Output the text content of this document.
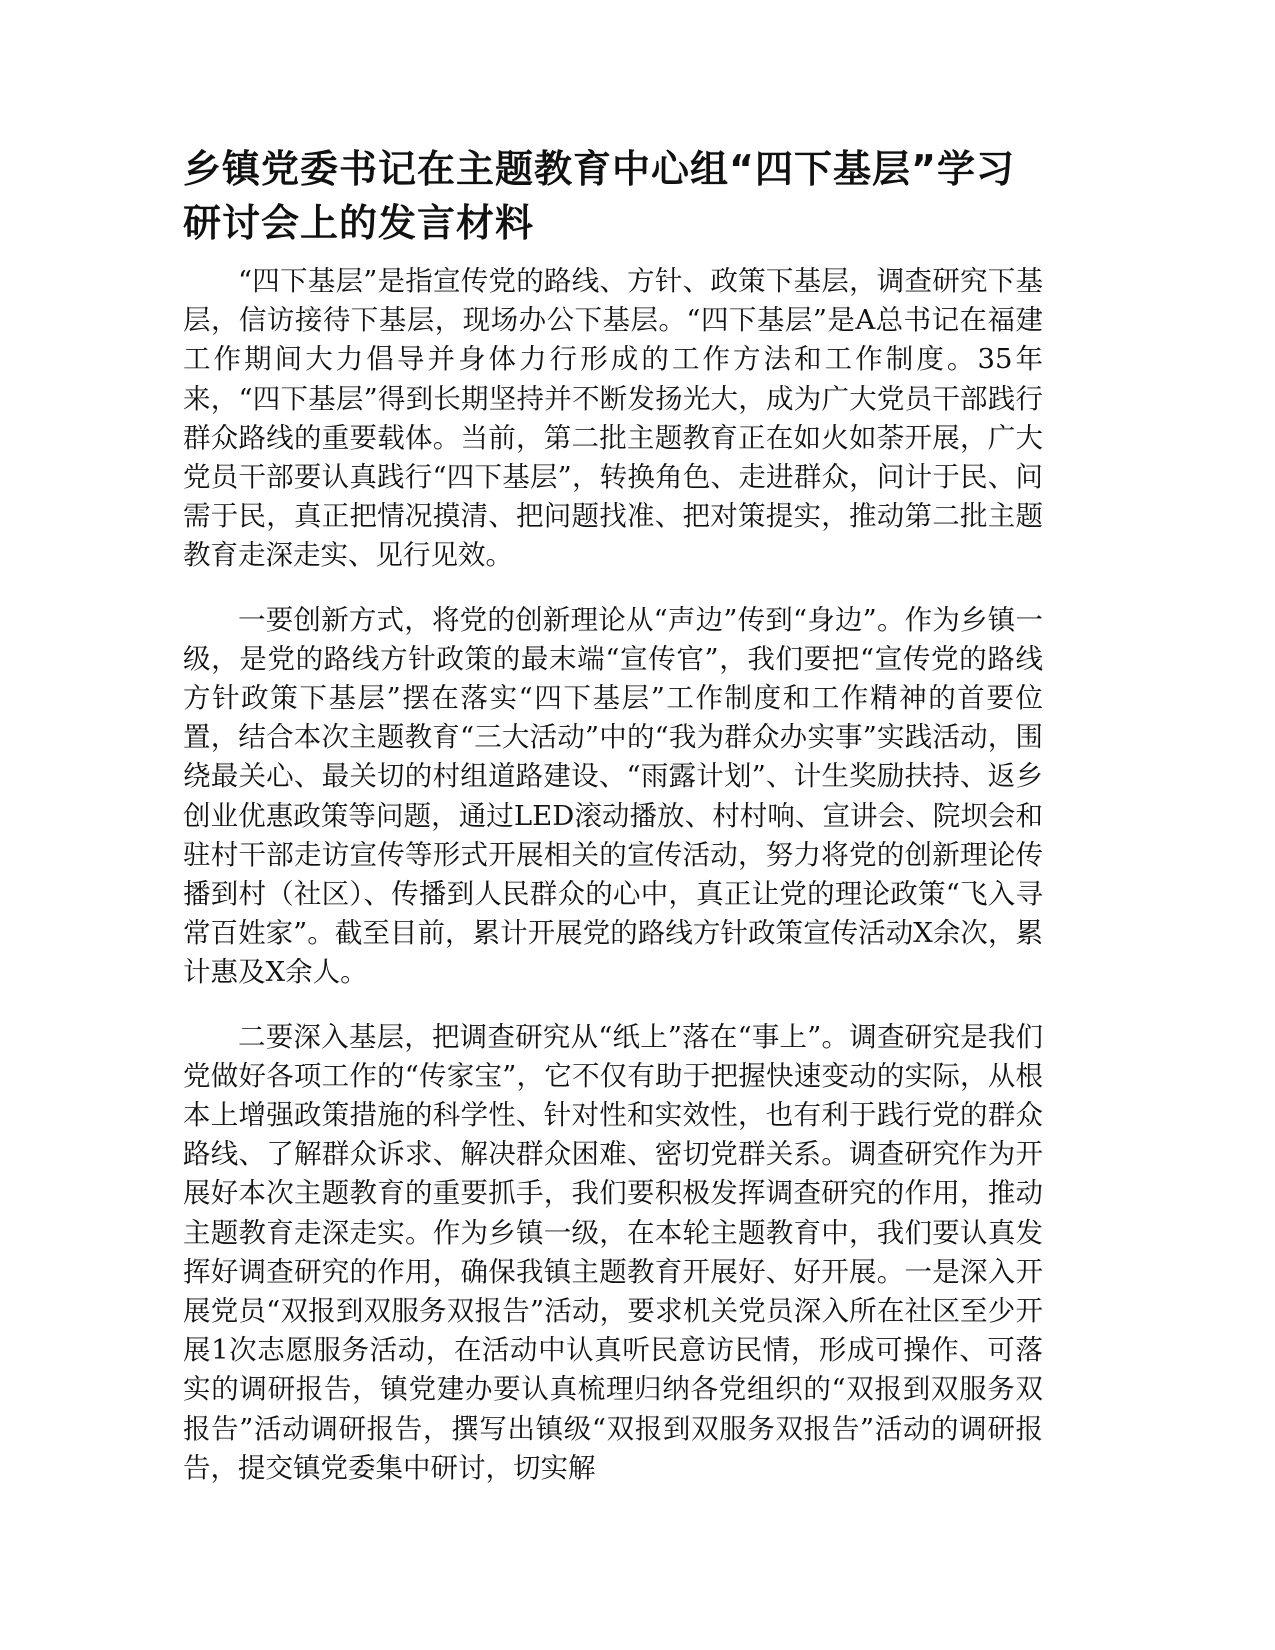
乡镇党委书记在主题教育中心组“四下基层”学习研讨会上的发言材料

“四下基层”是指宣传党的路线、方针、政策下基层，调查研究下基层，信访接待下基层，现场办公下基层。“四下基层”是A总书记在福建工作期间大力倡导并身体力行形成的工作方法和工作制度。35年来，“四下基层”得到长期坚持并不断发扬光大，成为广大党员干部践行群众路线的重要载体。当前，第二批主题教育正在如火如荼开展，广大党员干部要认真践行“四下基层”，转换角色、走进群众，问计于民、问需于民，真正把情况摸清、把问题找准、把对策提实，推动第二批主题教育走深走实、见行见效。

一要创新方式，将党的创新理论从“声边”传到“身边”。作为乡镇一级，是党的路线方针政策的最末端“宣传官”，我们要把“宣传党的路线方针政策下基层”摆在落实“四下基层”工作制度和工作精神的首要位置，结合本次主题教育“三大活动”中的“我为群众办实事”实践活动，围绕最关心、最关切的村组道路建设、“雨露计划”、计生奖励扶持、返乡创业优惠政策等问题，通过LED滚动播放、村村响、宣讲会、院坝会和驻村干部走访宣传等形式开展相关的宣传活动，努力将党的创新理论传播到村（社区）、传播到人民群众的心中，真正让党的理论政策“飞入寻常百姓家”。截至目前，累计开展党的路线方针政策宣传活动X余次，累计惠及X余人。

二要深入基层，把调查研究从“纸上”落在“事上”。调查研究是我们党做好各项工作的“传家宝”，它不仅有助于把握快速变动的实际，从根本上增强政策措施的科学性、针对性和实效性，也有利于践行党的群众路线、了解群众诉求、解决群众困难、密切党群关系。调查研究作为开展好本次主题教育的重要抓手，我们要积极发挥调查研究的作用，推动主题教育走深走实。作为乡镇一级，在本轮主题教育中，我们要认真发挥好调查研究的作用，确保我镇主题教育开展好、好开展。一是深入开展党员“双报到双服务双报告”活动，要求机关党员深入所在社区至少开展1次志愿服务活动，在活动中认真听民意访民情，形成可操作、可落实的调研报告，镇党建办要认真梳理归纳各党组织的“双报到双服务双报告”活动调研报告，撰写出镇级“双报到双服务双报告”活动的调研报告，提交镇党委集中研讨，切实解
